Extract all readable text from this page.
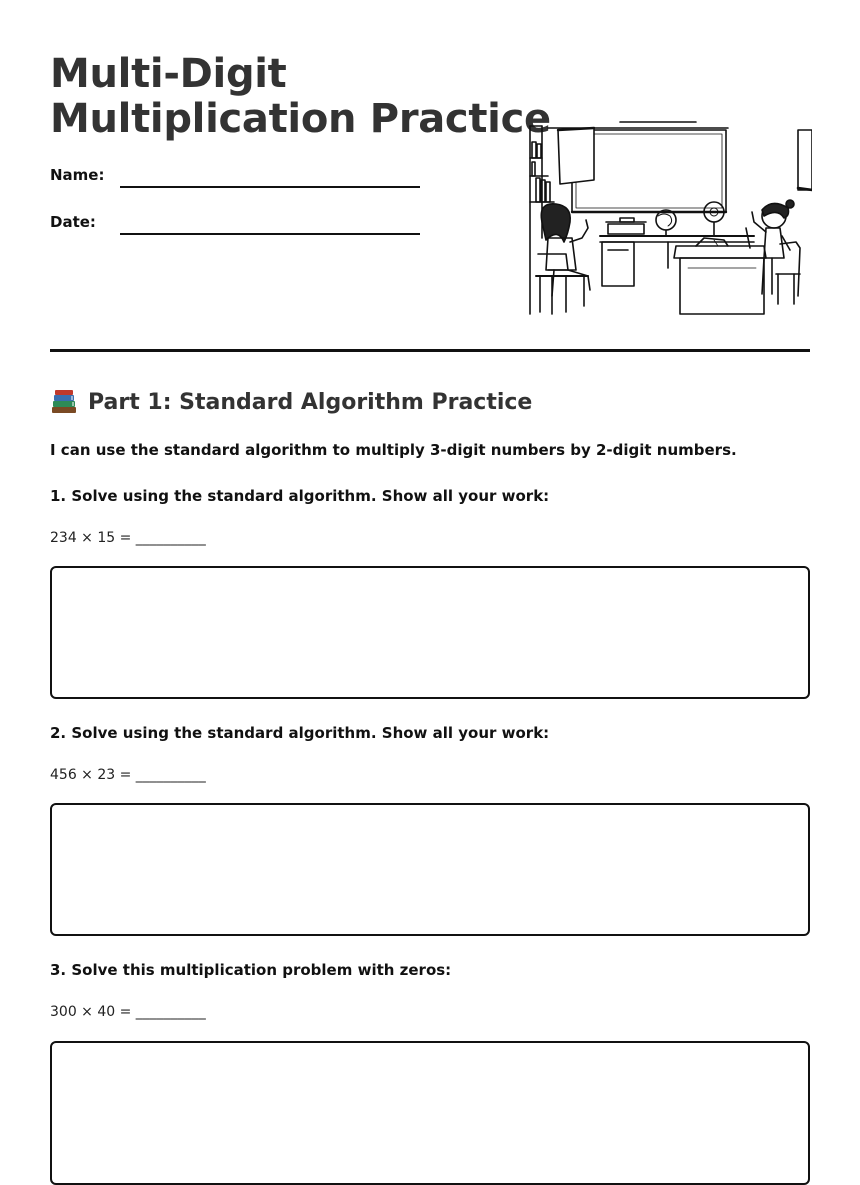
Multi-Digit
Multiplication Practice
Name:
Date:
Part 1: Standard Algorithm Practice
I can use the standard algorithm to multiply 3-digit numbers by 2-digit numbers.
1. Solve using the standard algorithm. Show all your work:
234 × 15 = __________
2. Solve using the standard algorithm. Show all your work:
456 × 23 = __________
3. Solve this multiplication problem with zeros:
300 × 40 = __________
